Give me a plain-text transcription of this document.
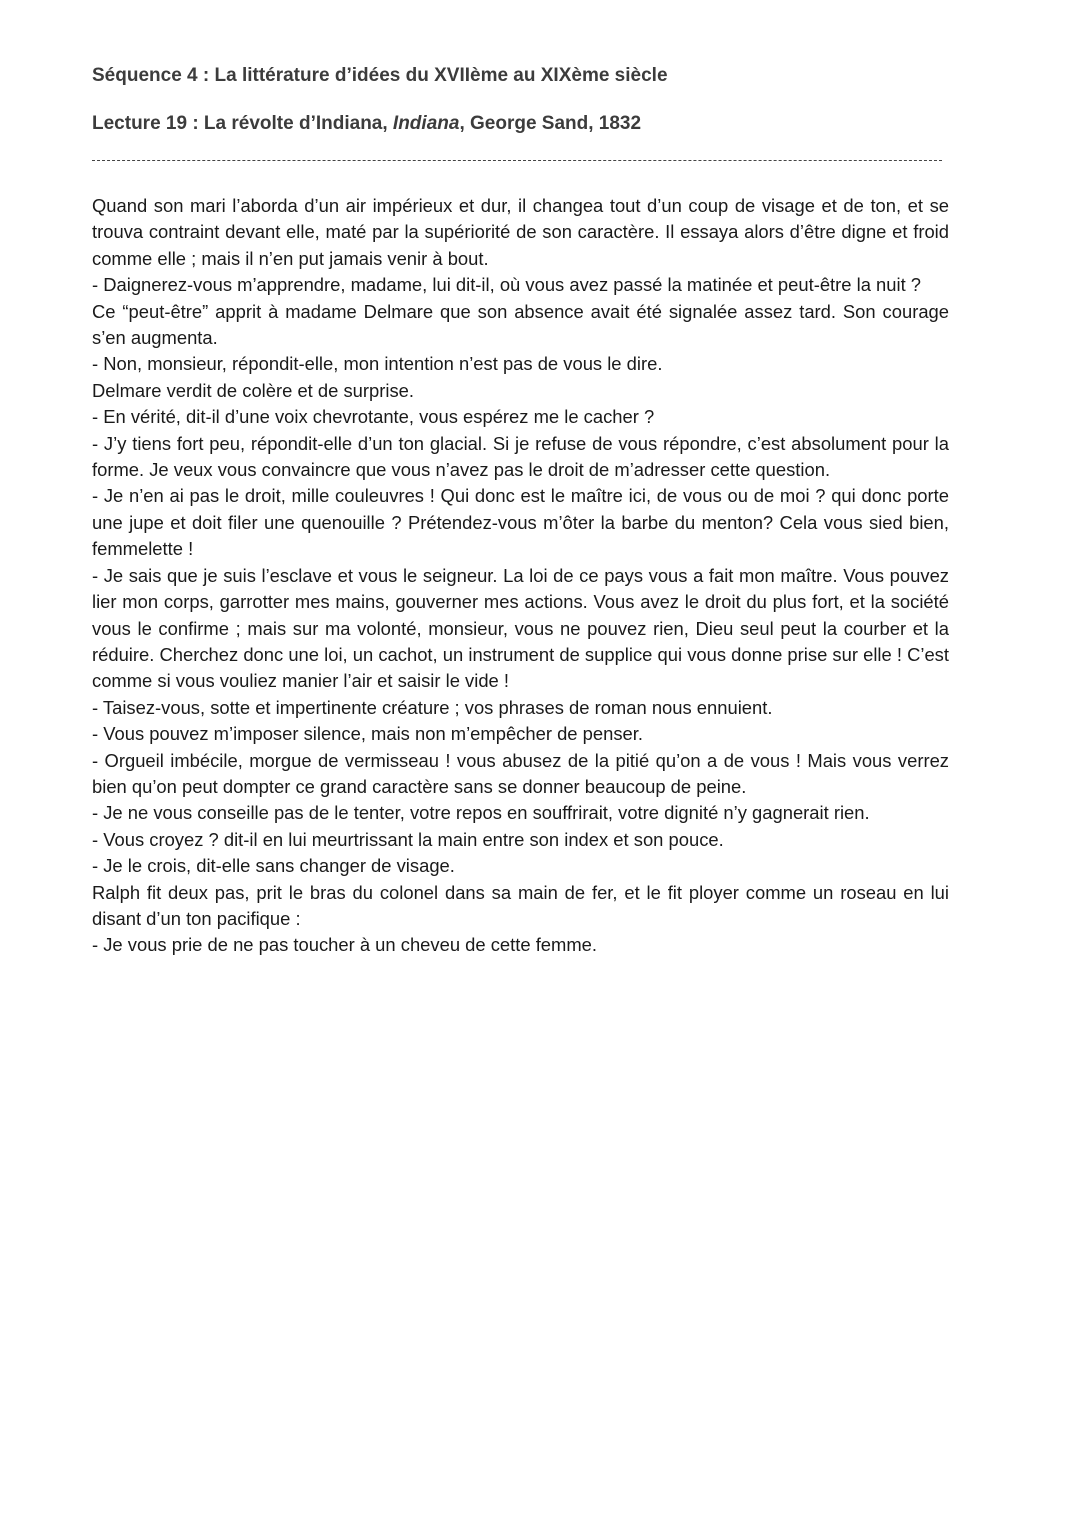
Séquence 4 : La littérature d’idées du XVIIème au XIXème siècle
Lecture 19 : La révolte d’Indiana, Indiana, George Sand, 1832

Quand son mari l’aborda d’un air impérieux et dur, il changea tout d’un coup de visage et de ton, et se trouva contraint devant elle, maté par la supériorité de son caractère. Il essaya alors d’être digne et froid comme elle ; mais il n’en put jamais venir à bout.

- Daignerez-vous m’apprendre, madame, lui dit-il, où vous avez passé la matinée et peut-être la nuit ?

Ce “peut-être” apprit à madame Delmare que son absence avait été signalée assez tard. Son courage s’en augmenta.

- Non, monsieur, répondit-elle, mon intention n’est pas de vous le dire.

Delmare verdit de colère et de surprise.

- En vérité, dit-il d’une voix chevrotante, vous espérez me le cacher ?

- J’y tiens fort peu, répondit-elle d’un ton glacial. Si je refuse de vous répondre, c’est absolument pour la forme. Je veux vous convaincre que vous n’avez pas le droit de m’adresser cette question.

- Je n’en ai pas le droit, mille couleuvres ! Qui donc est le maître ici, de vous ou de moi ? qui donc porte une jupe et doit filer une quenouille ? Prétendez-vous m’ôter la barbe du menton? Cela vous sied bien, femmelette !

- Je sais que je suis l’esclave et vous le seigneur. La loi de ce pays vous a fait mon maître. Vous pouvez lier mon corps, garrotter mes mains, gouverner mes actions. Vous avez le droit du plus fort, et la société vous le confirme ; mais sur ma volonté, monsieur, vous ne pouvez rien, Dieu seul peut la courber et la réduire. Cherchez donc une loi, un cachot, un instrument de supplice qui vous donne prise sur elle ! C’est comme si vous vouliez manier l’air et saisir le vide !

- Taisez-vous, sotte et impertinente créature ; vos phrases de roman nous ennuient.

- Vous pouvez m’imposer silence, mais non m’empêcher de penser.

- Orgueil imbécile, morgue de vermisseau ! vous abusez de la pitié qu’on a de vous ! Mais vous verrez bien qu’on peut dompter ce grand caractère sans se donner beaucoup de peine.

- Je ne vous conseille pas de le tenter, votre repos en souffrirait, votre dignité n’y gagnerait rien.

- Vous croyez ? dit-il en lui meurtrissant la main entre son index et son pouce.

- Je le crois, dit-elle sans changer de visage.

Ralph fit deux pas, prit le bras du colonel dans sa main de fer, et le fit ployer comme un roseau en lui disant d’un ton pacifique :

- Je vous prie de ne pas toucher à un cheveu de cette femme.
